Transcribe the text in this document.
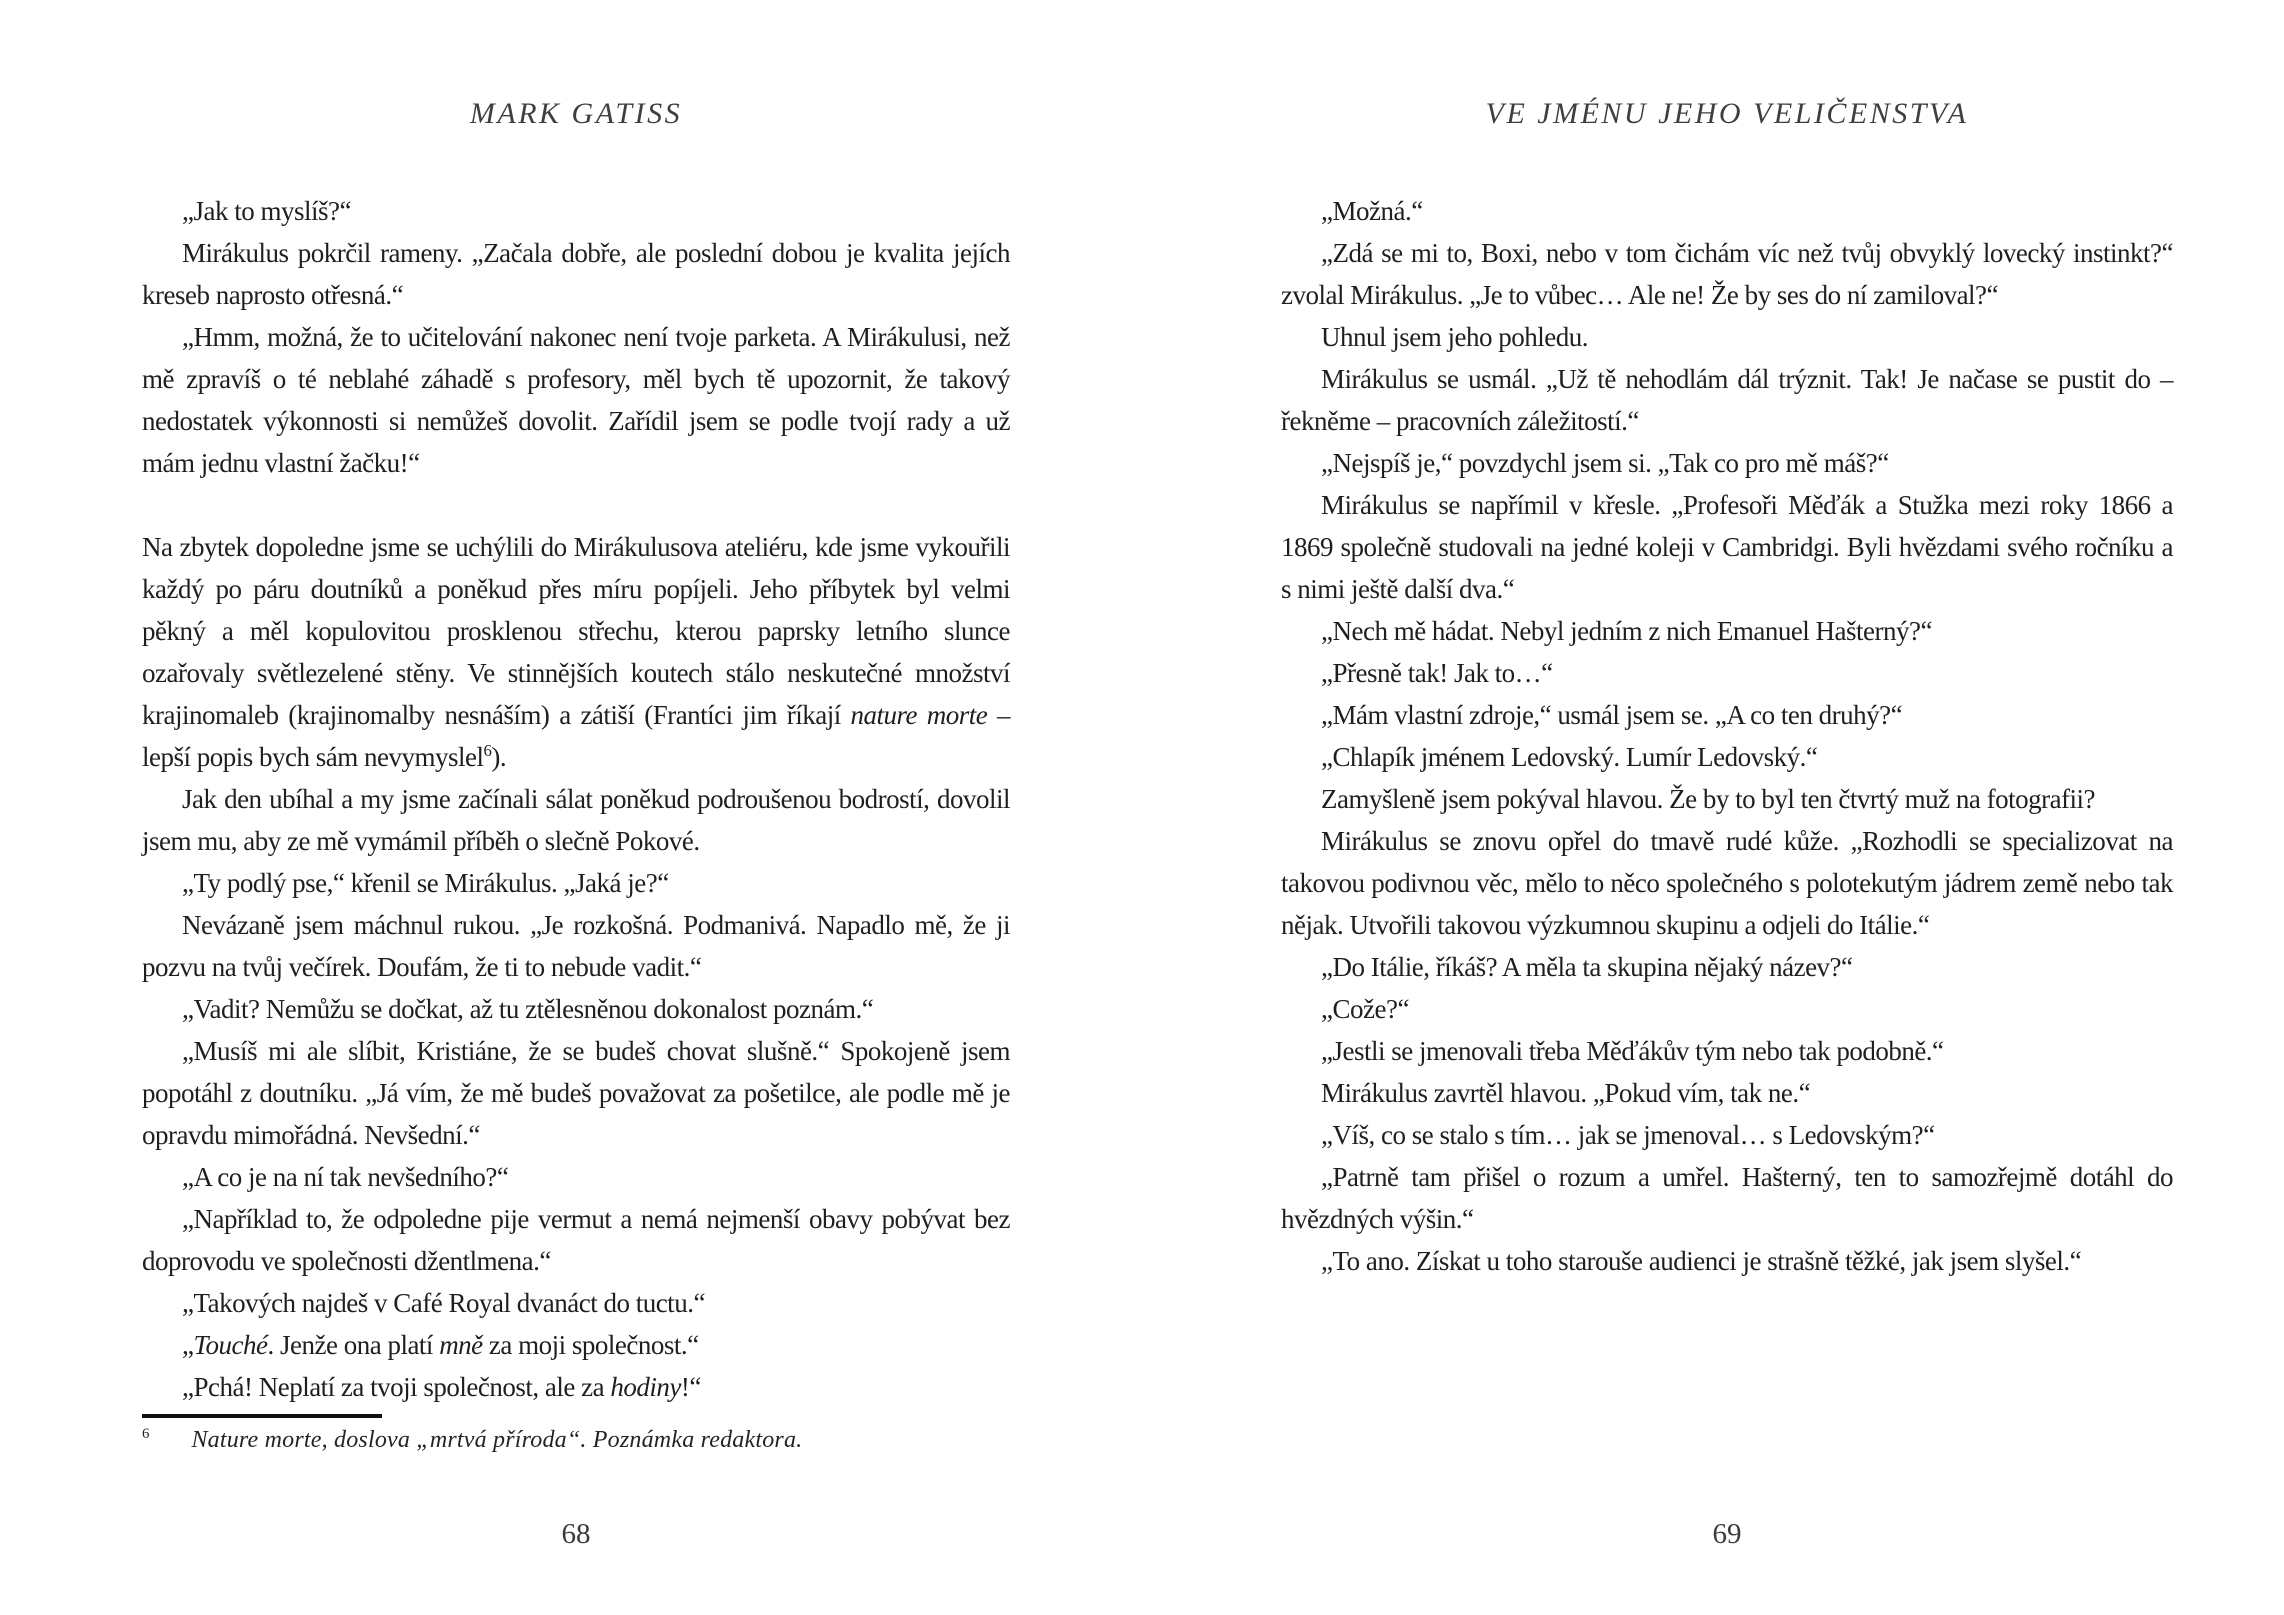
MARK GATISS

„Jak to myslíš?“

Mirákulus pokrčil rameny. „Začala dobře, ale poslední dobou je kvalita jejích kreseb naprosto otřesná.“

„Hmm, možná, že to učitelování nakonec není tvoje parketa. A Mirákulusi, než mě zpravíš o té neblahé záhadě s profesory, měl bych tě upozornit, že takový nedostatek výkonnosti si nemůžeš dovolit. Zařídil jsem se podle tvojí rady a už mám jednu vlastní žačku!“

Na zbytek dopoledne jsme se uchýlili do Mirákulusova ateliéru, kde jsme vykouřili každý po páru doutníků a poněkud přes míru popíjeli. Jeho příbytek byl velmi pěkný a měl kopulovitou prosklenou střechu, kterou paprsky letního slunce ozařovaly světlezelené stěny. Ve stinnějších koutech stálo neskutečné množství krajinomaleb (krajinomalby nesnáším) a zátiší (Frantíci jim říkají nature morte – lepší popis bych sám nevymyslel$^6$).

Jak den ubíhal a my jsme začínali sálat poněkud podroušenou bodrostí, dovolil jsem mu, aby ze mě vymámil příběh o slečně Pokové.

„Ty podlý pse,“ křenil se Mirákulus. „Jaká je?“

Nevázaně jsem máchnul rukou. „Je rozkošná. Podmanivá. Napadlo mě, že ji pozvu na tvůj večírek. Doufám, že ti to nebude vadit.“

„Vadit? Nemůžu se dočkat, až tu ztělesněnou dokonalost poznám.“

„Musíš mi ale slíbit, Kristiáne, že se budeš chovat slušně.“ Spokojeně jsem popotáhl z doutníku. „Já vím, že mě budeš považovat za pošetilce, ale podle mě je opravdu mimořádná. Nevšední.“

„A co je na ní tak nevšedního?“

„Například to, že odpoledne pije vermut a nemá nejmenší obavy pobývat bez doprovodu ve společnosti džentlmena.“

„Takových najdeš v Café Royal dvanáct do tuctu.“

„Touché. Jenže ona platí mně za moji společnost.“

„Pchá! Neplatí za tvoji společnost, ale za hodiny!“

$^6$ Nature morte, doslova „mrtvá příroda“. Poznámka redaktora.
68
VE JMÉNU JEHO VELIČENSTVA

„Možná.“

„Zdá se mi to, Boxi, nebo v tom čichám víc než tvůj obvyklý lovecký instinkt?“ zvolal Mirákulus. „Je to vůbec… Ale ne! Že by ses do ní zamiloval?“

Uhnul jsem jeho pohledu.

Mirákulus se usmál. „Už tě nehodlám dál trýznit. Tak! Je načase se pustit do – řekněme – pracovních záležitostí.“

„Nejspíš je,“ povzdychl jsem si. „Tak co pro mě máš?“

Mirákulus se napřímil v křesle. „Profesoři Měďák a Stužka mezi roky 1866 a 1869 společně studovali na jedné koleji v Cambridgi. Byli hvězdami svého ročníku a s nimi ještě další dva.“

„Nech mě hádat. Nebyl jedním z nich Emanuel Hašterný?“

„Přesně tak! Jak to…“

„Mám vlastní zdroje,“ usmál jsem se. „A co ten druhý?“

„Chlapík jménem Ledovský. Lumír Ledovský.“

Zamyšleně jsem pokýval hlavou. Že by to byl ten čtvrtý muž na fotografii?

Mirákulus se znovu opřel do tmavě rudé kůže. „Rozhodli se specializovat na takovou podivnou věc, mělo to něco společného s polotekutým jádrem země nebo tak nějak. Utvořili takovou výzkumnou skupinu a odjeli do Itálie.“

„Do Itálie, říkáš? A měla ta skupina nějaký název?“

„Cože?“

„Jestli se jmenovali třeba Měďákův tým nebo tak podobně.“

Mirákulus zavrtěl hlavou. „Pokud vím, tak ne.“

„Víš, co se stalo s tím… jak se jmenoval… s Ledovským?“

„Patrně tam přišel o rozum a umřel. Hašterný, ten to samozřejmě dotáhl do hvězdných výšin.“

„To ano. Získat u toho starouše audienci je strašně těžké, jak jsem slyšel.“

69
